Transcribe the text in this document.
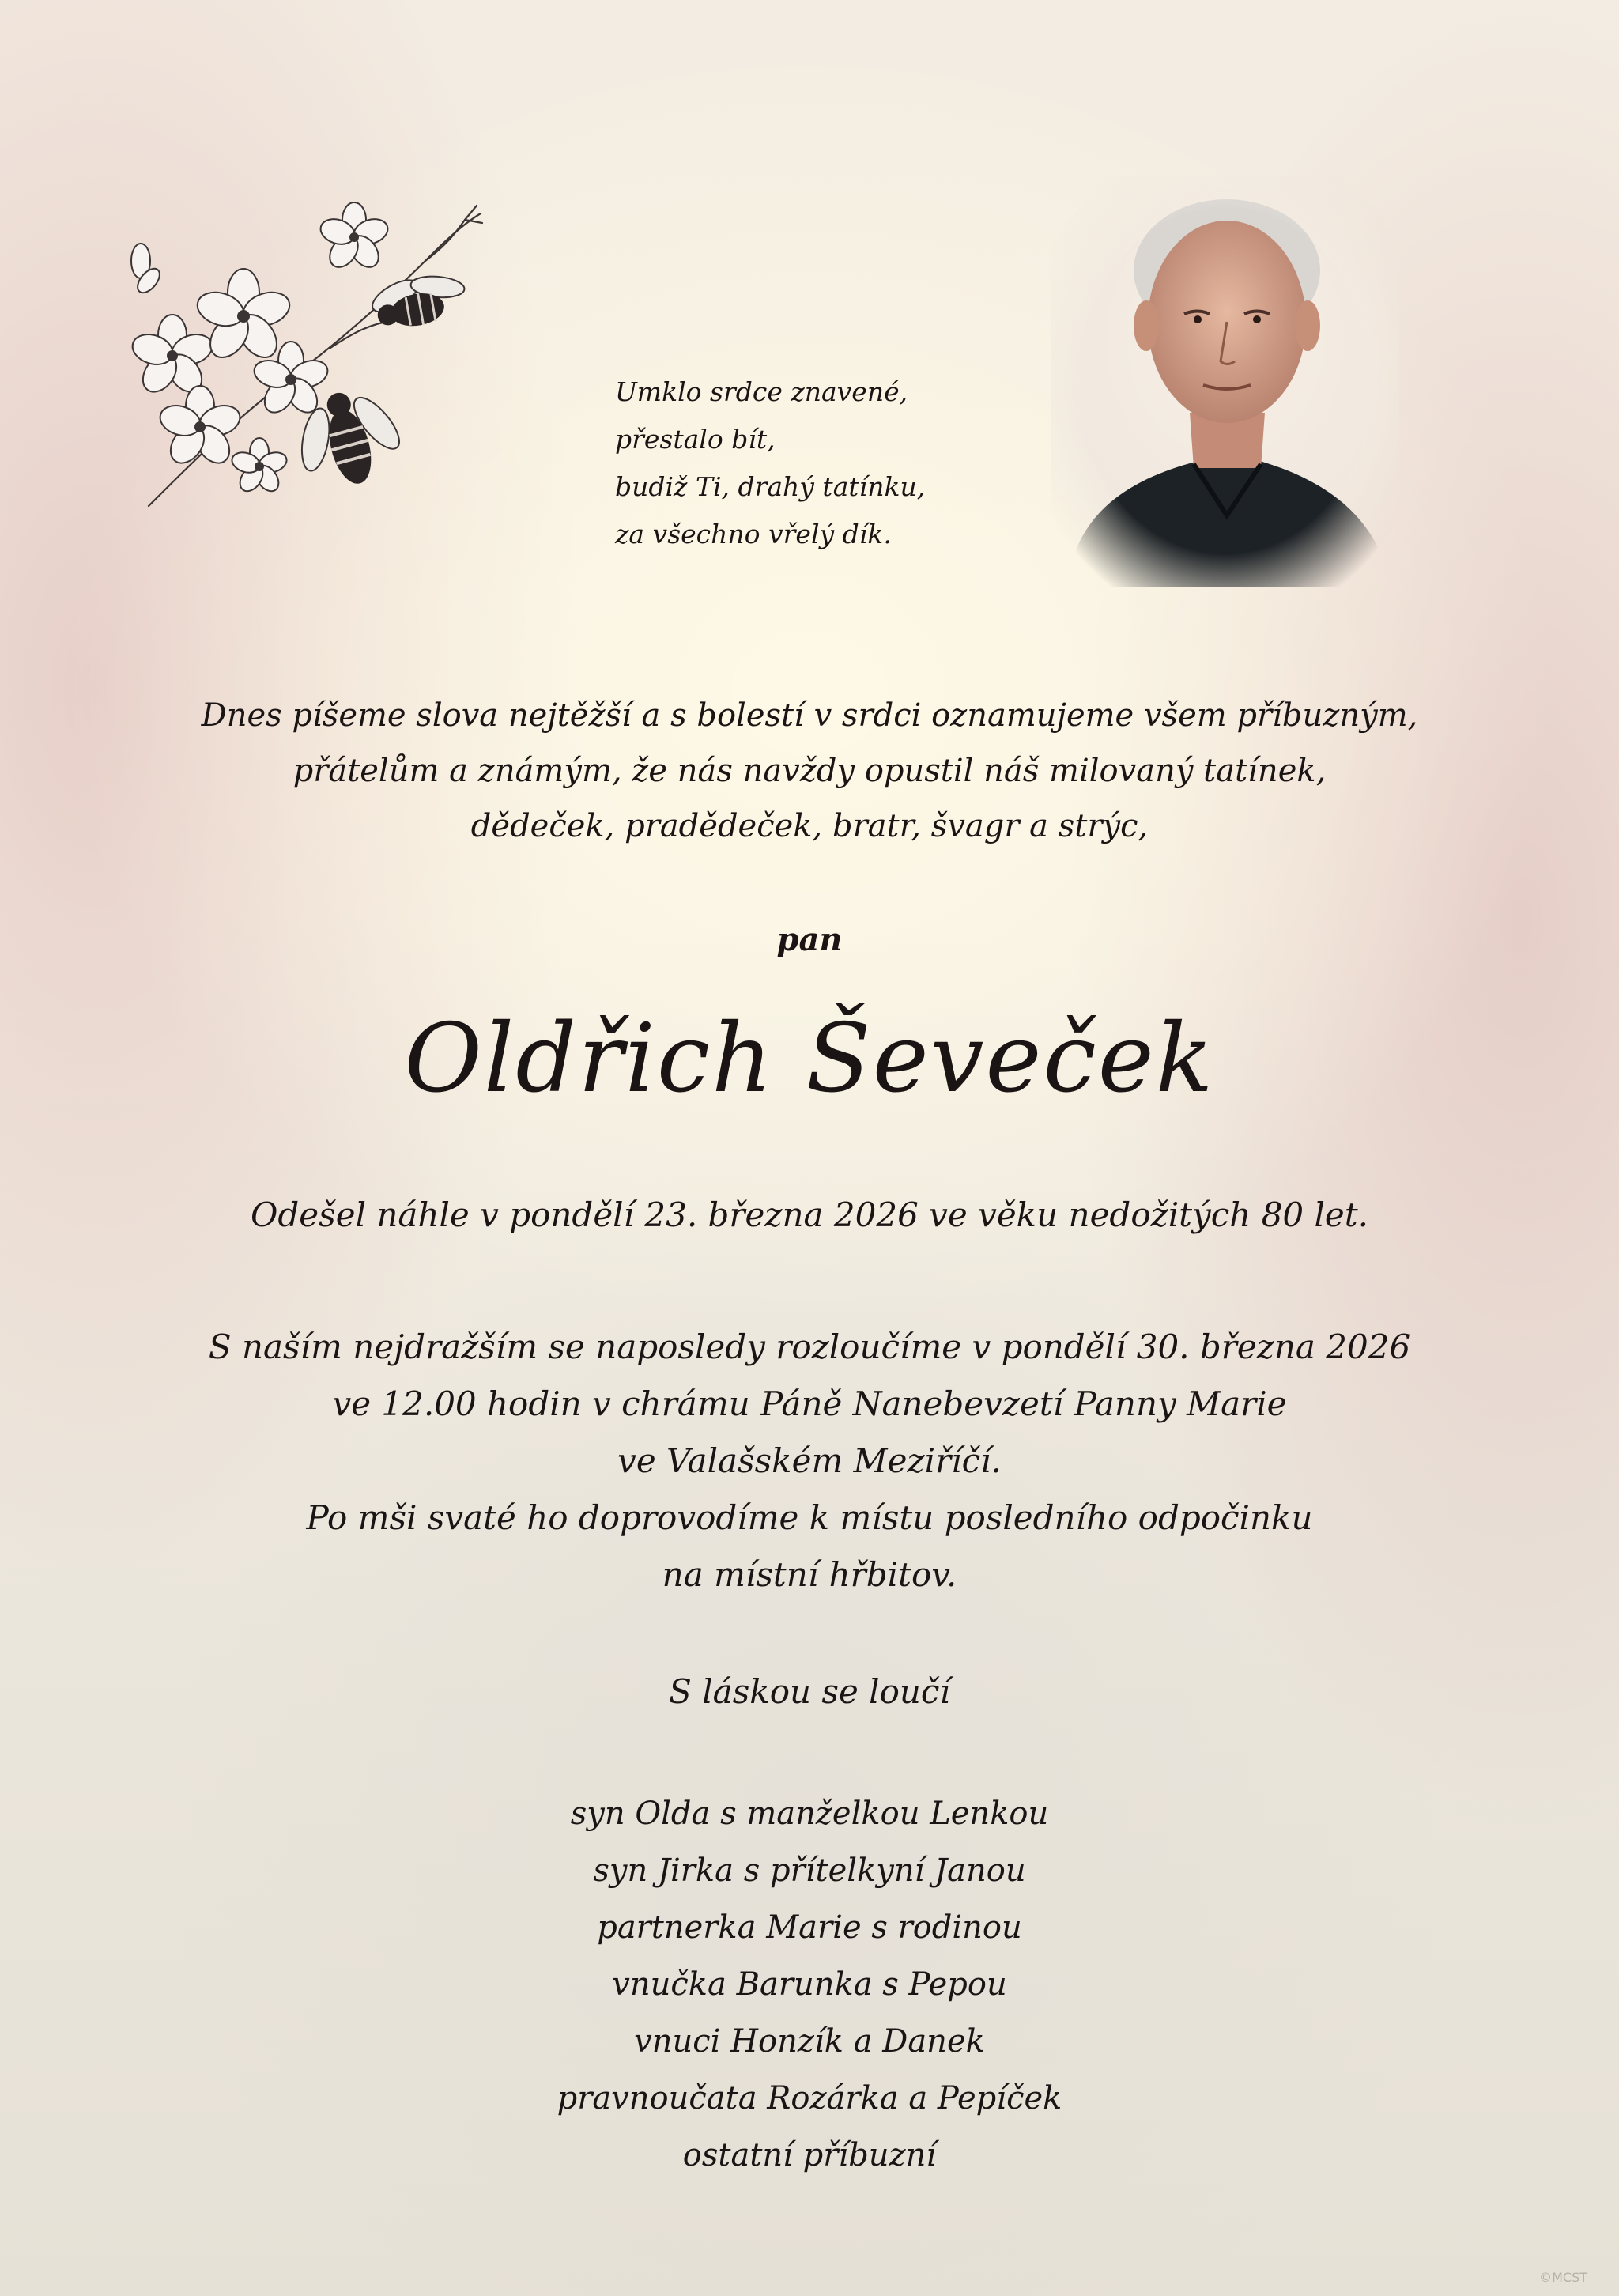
Umklo srdce znavené,
přestalo bít,
budiž Ti, drahý tatínku,
za všechno vřelý dík.
Dnes píšeme slova nejtěžší a s bolestí v srdci oznamujeme všem příbuzným,
přátelům a známým, že nás navždy opustil náš milovaný tatínek,
dědeček, pradědeček, bratr, švagr a strýc,
pan
Oldřich Ševeček
Odešel náhle v pondělí 23. března 2026 ve věku nedožitých 80 let.
S naším nejdražším se naposledy rozloučíme v pondělí 30. března 2026
ve 12.00 hodin v chrámu Páně Nanebevzetí Panny Marie
ve Valašském Meziříčí.
Po mši svaté ho doprovodíme k místu posledního odpočinku
na místní hřbitov.
S láskou se loučí
syn Olda s manželkou Lenkou
syn Jirka s přítelkyní Janou
partnerka Marie s rodinou
vnučka Barunka s Pepou
vnuci Honzík a Danek
pravnoučata Rozárka a Pepíček
ostatní příbuzní
©MCST
